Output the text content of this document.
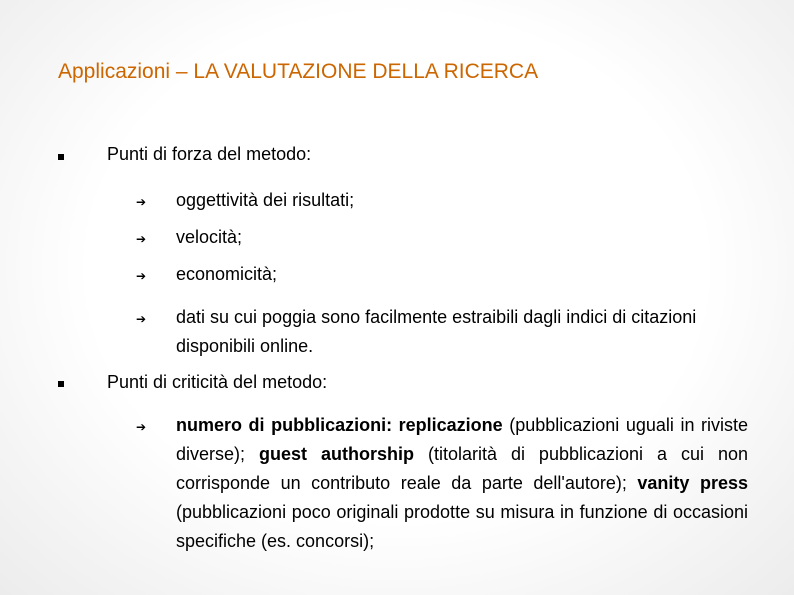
Applicazioni – LA VALUTAZIONE DELLA RICERCA
Punti di forza del metodo:
➔ oggettività dei risultati;
➔ velocità;
➔ economicità;
➔ dati su cui poggia sono facilmente estraibili dagli indici di citazioni disponibili online.
Punti di criticità del metodo:
➔ numero di pubblicazioni: replicazione (pubblicazioni uguali in riviste diverse); guest authorship (titolarità di pubblicazioni a cui non corrisponde un contributo reale da parte dell'autore); vanity press (pubblicazioni poco originali prodotte su misura in funzione di occasioni specifiche (es. concorsi);
